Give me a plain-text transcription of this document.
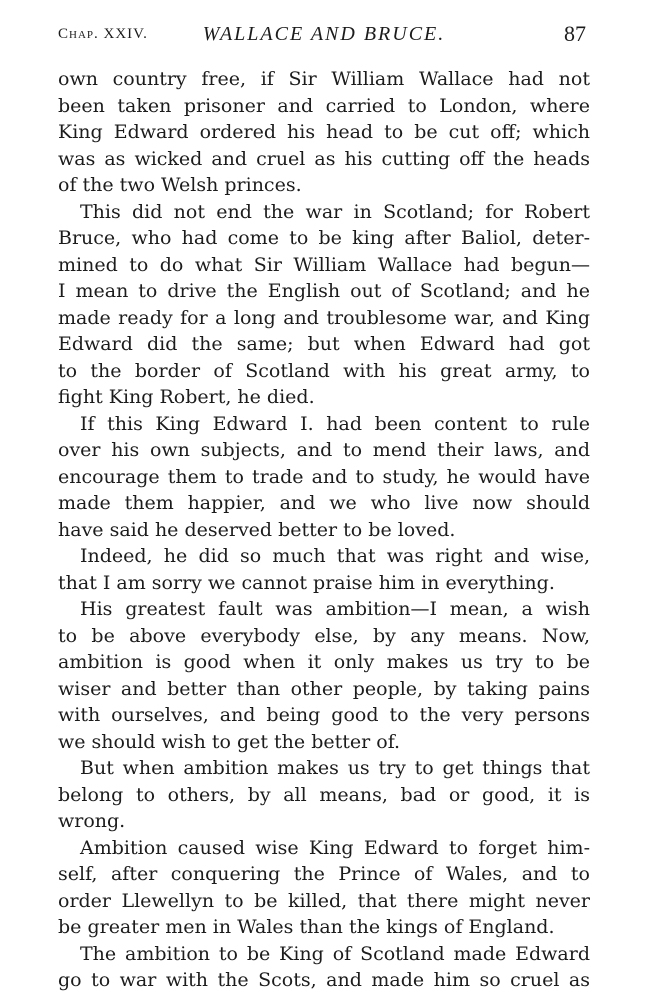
Chap. XXIV.	WALLACE AND BRUCE.	87
own country free, if Sir William Wallace had not
been taken prisoner and carried to London, where
King Edward ordered his head to be cut off; which
was as wicked and cruel as his cutting off the heads
of the two Welsh princes.
This did not end the war in Scotland; for Robert
Bruce, who had come to be king after Baliol, deter-
mined to do what Sir William Wallace had begun—
I mean to drive the English out of Scotland; and he
made ready for a long and troublesome war, and King
Edward did the same; but when Edward had got
to the border of Scotland with his great army, to
fight King Robert, he died.
If this King Edward I. had been content to rule
over his own subjects, and to mend their laws, and
encourage them to trade and to study, he would have
made them happier, and we who live now should
have said he deserved better to be loved.
Indeed, he did so much that was right and wise,
that I am sorry we cannot praise him in everything.
His greatest fault was ambition—I mean, a wish
to be above everybody else, by any means. Now,
ambition is good when it only makes us try to be
wiser and better than other people, by taking pains
with ourselves, and being good to the very persons
we should wish to get the better of.
But when ambition makes us try to get things that
belong to others, by all means, bad or good, it is
wrong.
Ambition caused wise King Edward to forget him-
self, after conquering the Prince of Wales, and to
order Llewellyn to be killed, that there might never
be greater men in Wales than the kings of England.
The ambition to be King of Scotland made Edward
go to war with the Scots, and made him so cruel as
